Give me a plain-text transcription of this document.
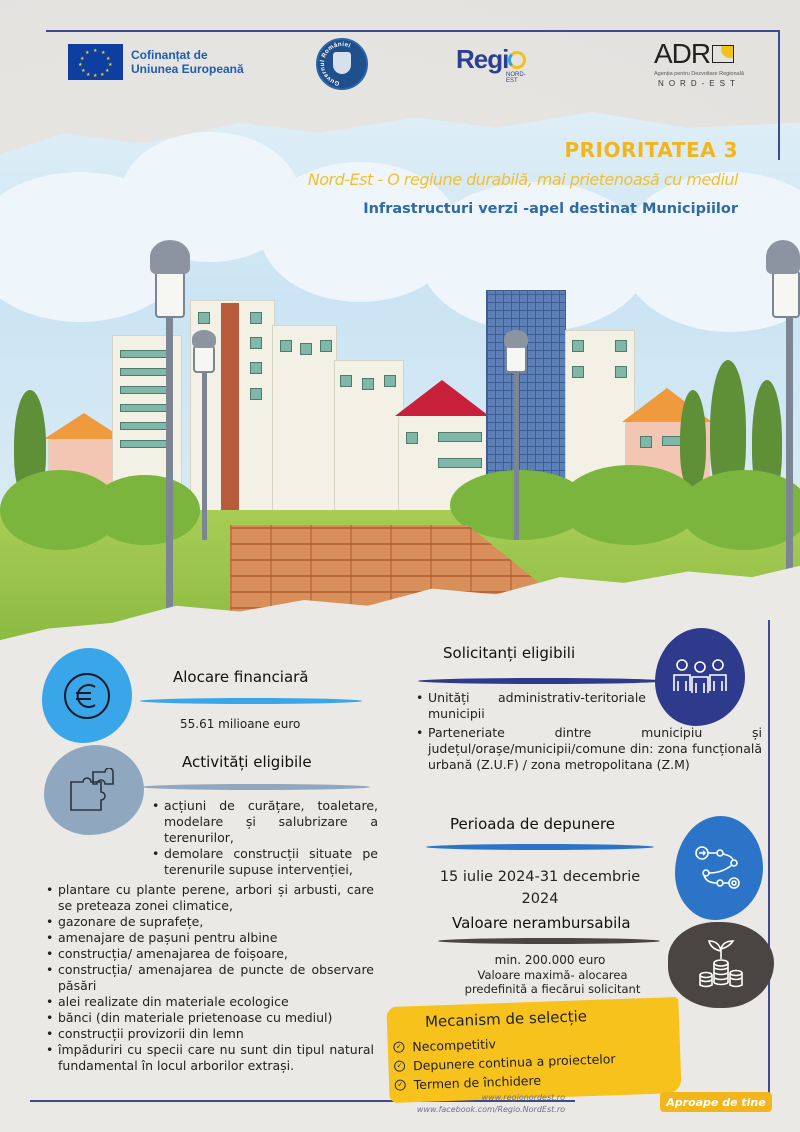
PRIORITATEA 3
Nord-Est - O regiune durabilă, mai prietenoasă cu mediul
Infrastructuri verzi -apel destinat Municipiilor
★ ★
★
★
★
★
★
★
★
★
★
★	Cofinanțat de
Uniunea Europeană
Guvernul României	Regi
NORD-EST
ADR
Agenția pentru Dezvoltare Regională
NORD-EST
Alocare financiară
55.61 milioane euro
Activități eligibile
• acțiuni de curățare, toaletare, modelare și salubrizare a terenurilor,
• demolare construcții situate pe terenurile supuse intervenției,
• plantare cu plante perene, arbori și arbusti, care se preteaza zonei climatice,
• gazonare de suprafețe,
• amenajare de pașuni pentru albine
• construcția/ amenajarea de foișoare,
• construcția/ amenajarea de puncte de observare păsări
• alei realizate din materiale ecologice
• bănci (din materiale prietenoase cu mediul)
• construcții provizorii din lemn
• împăduriri cu specii care nu sunt din tipul natural fundamental în locul arborilor extrași.
Solicitanți eligibili
• Unități administrativ-teritoriale municipii
• Parteneriate dintre municipiu și județul/orașe/municipii/comune din: zona funcțională urbană (Z.U.F) / zona metropolitana (Z.M)
Perioada de depunere
15 iulie 2024-31 decembrie 2024
Valoare nerambursabila
min. 200.000 euro
Valoare maximă- alocarea
predefinită a fiecărui solicitant
Mecanism de selecție
✓ Necompetitiv
✓ Depunere continua a proiectelor
✓ Termen de închidere
www.regionordest.ro
www.facebook.com/Regio.NordEst.ro
Aproape de tine
